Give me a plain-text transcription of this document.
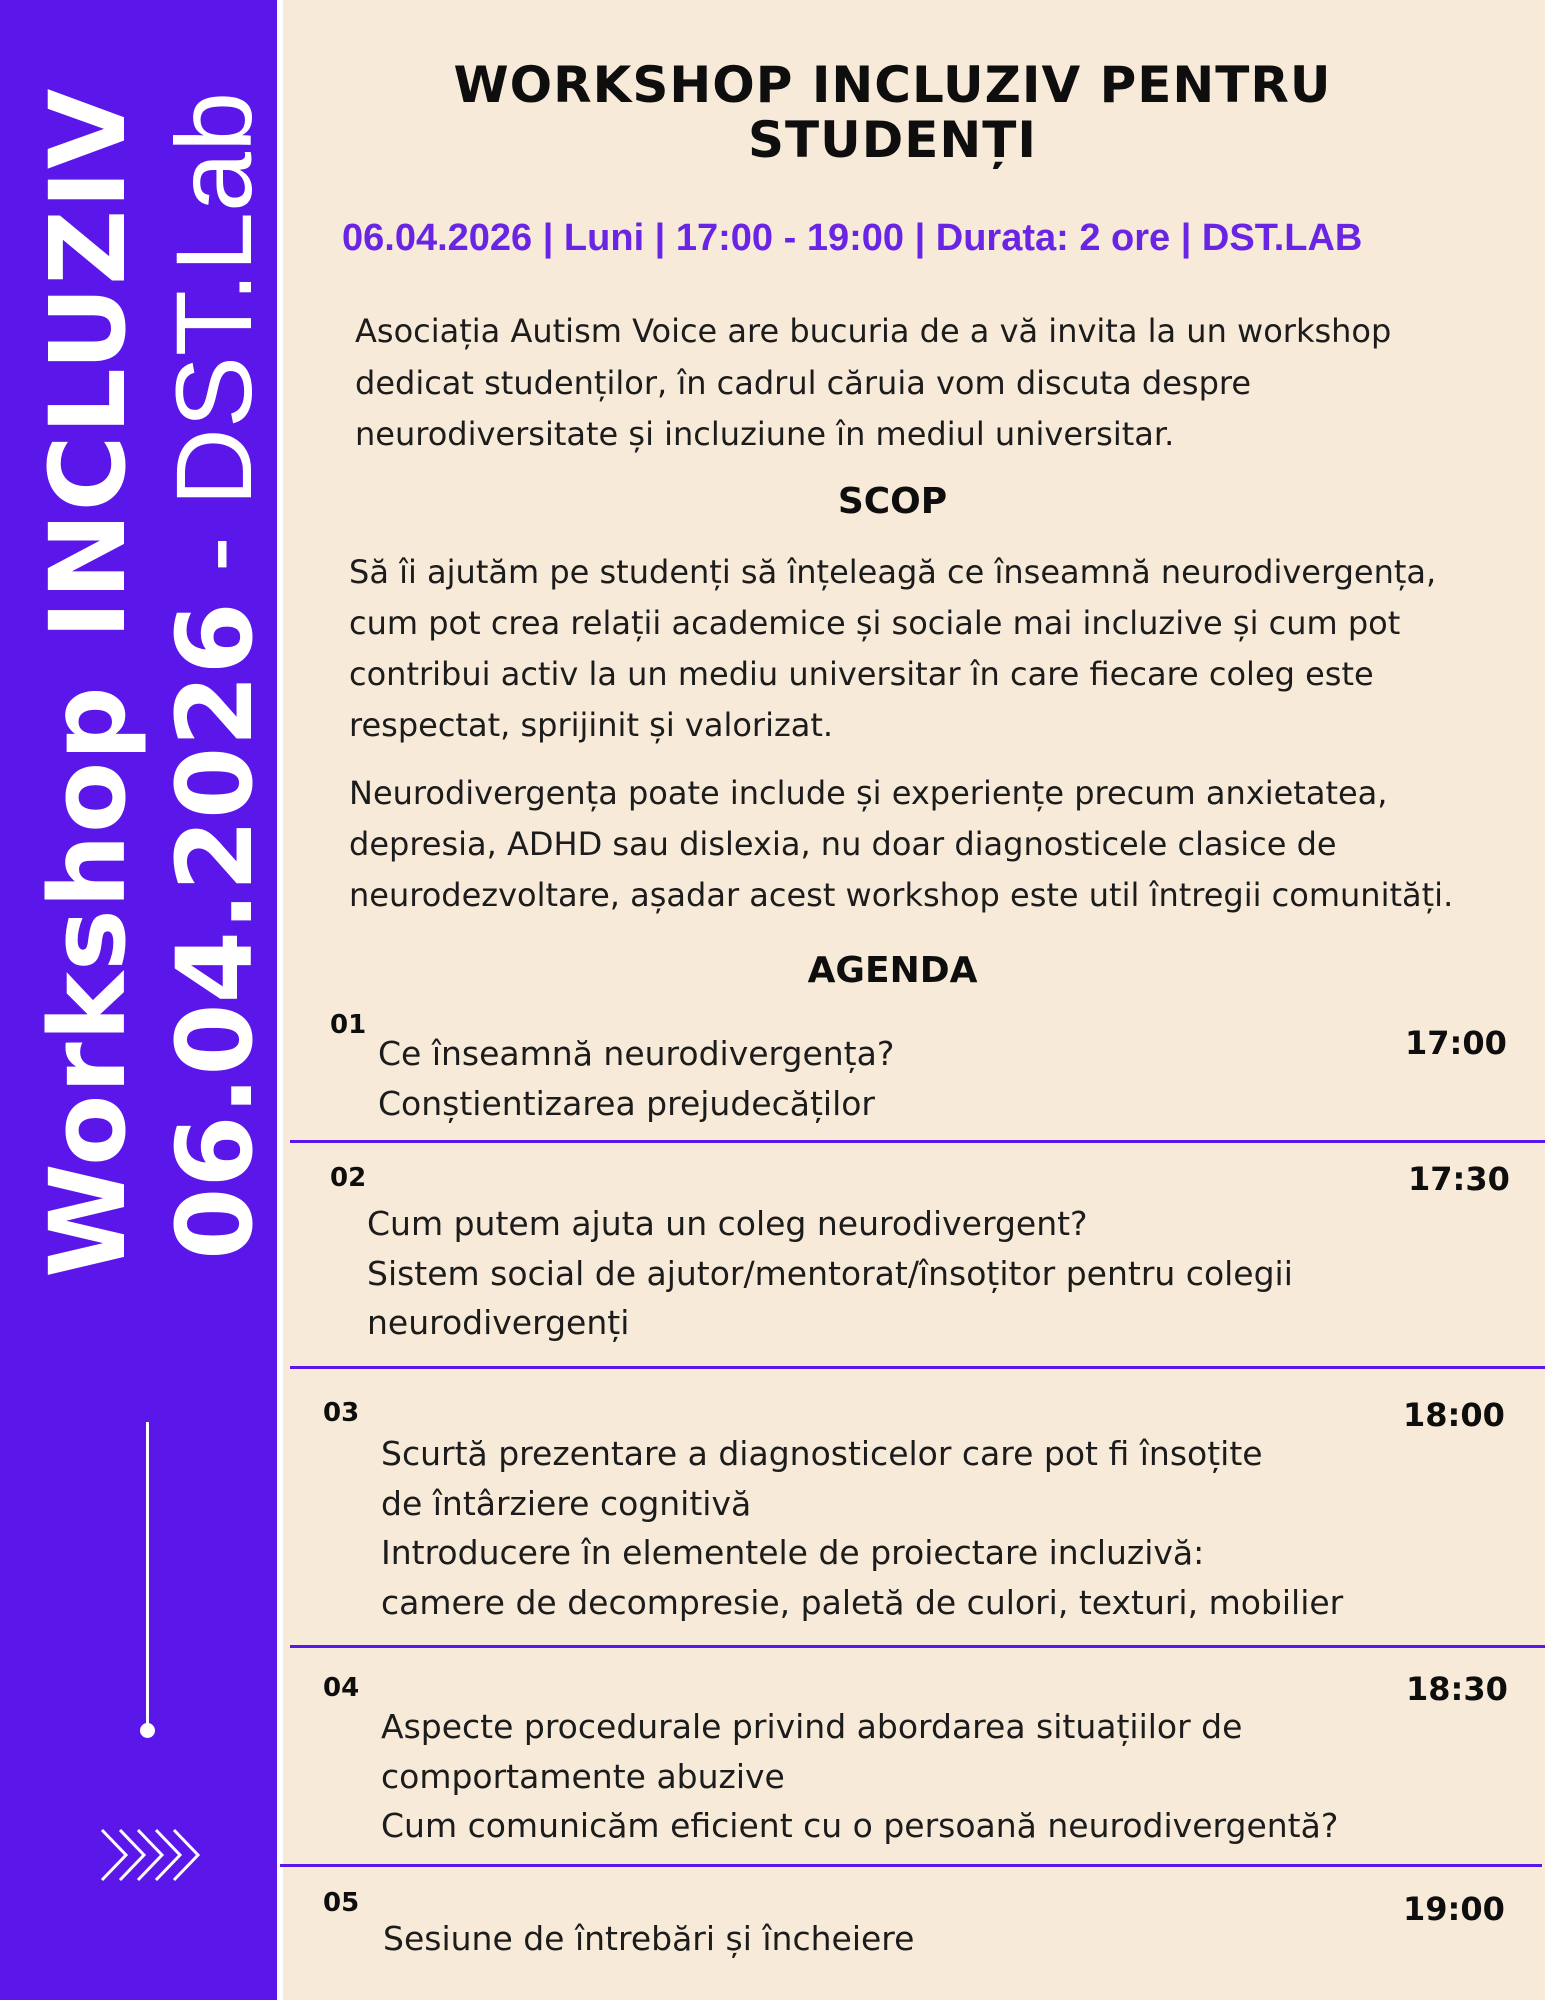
WorkshopINCLUZIV
06.04.2026 - DST.Lab
WORKSHOP INCLUZIV PENTRU
STUDENȚI
06.04.2026 | Luni | 17:00 - 19:00 | Durata: 2 ore | DST.LAB
Asociația Autism Voice are bucuria de a vă invita la un workshop
dedicat studenților, în cadrul căruia vom discuta despre
neurodiversitate și incluziune în mediul universitar.
SCOP
Să îi ajutăm pe studenți să înțeleagă ce înseamnă neurodivergența,
cum pot crea relații academice și sociale mai incluzive și cum pot
contribui activ la un mediu universitar în care fiecare coleg este
respectat, sprijinit și valorizat.
Neurodivergența poate include și experiențe precum anxietatea,
depresia, ADHD sau dislexia, nu doar diagnosticele clasice de
neurodezvoltare, așadar acest workshop este util întregii comunități.
AGENDA
01	17:00
Ce înseamnă neurodivergența?
Conștientizarea prejudecăților
02	17:30
Cum putem ajuta un coleg neurodivergent?
Sistem social de ajutor/mentorat/însoțitor pentru colegii
neurodivergenți
03	18:00
Scurtă prezentare a diagnosticelor care pot fi însoțite
de întârziere cognitivă
Introducere în elementele de proiectare incluzivă:
camere de decompresie, paletă de culori, texturi, mobilier
04	18:30
Aspecte procedurale privind abordarea situațiilor de
comportamente abuzive
Cum comunicăm eficient cu o persoană neurodivergentă?
05	19:00
Sesiune de întrebări și încheiere
